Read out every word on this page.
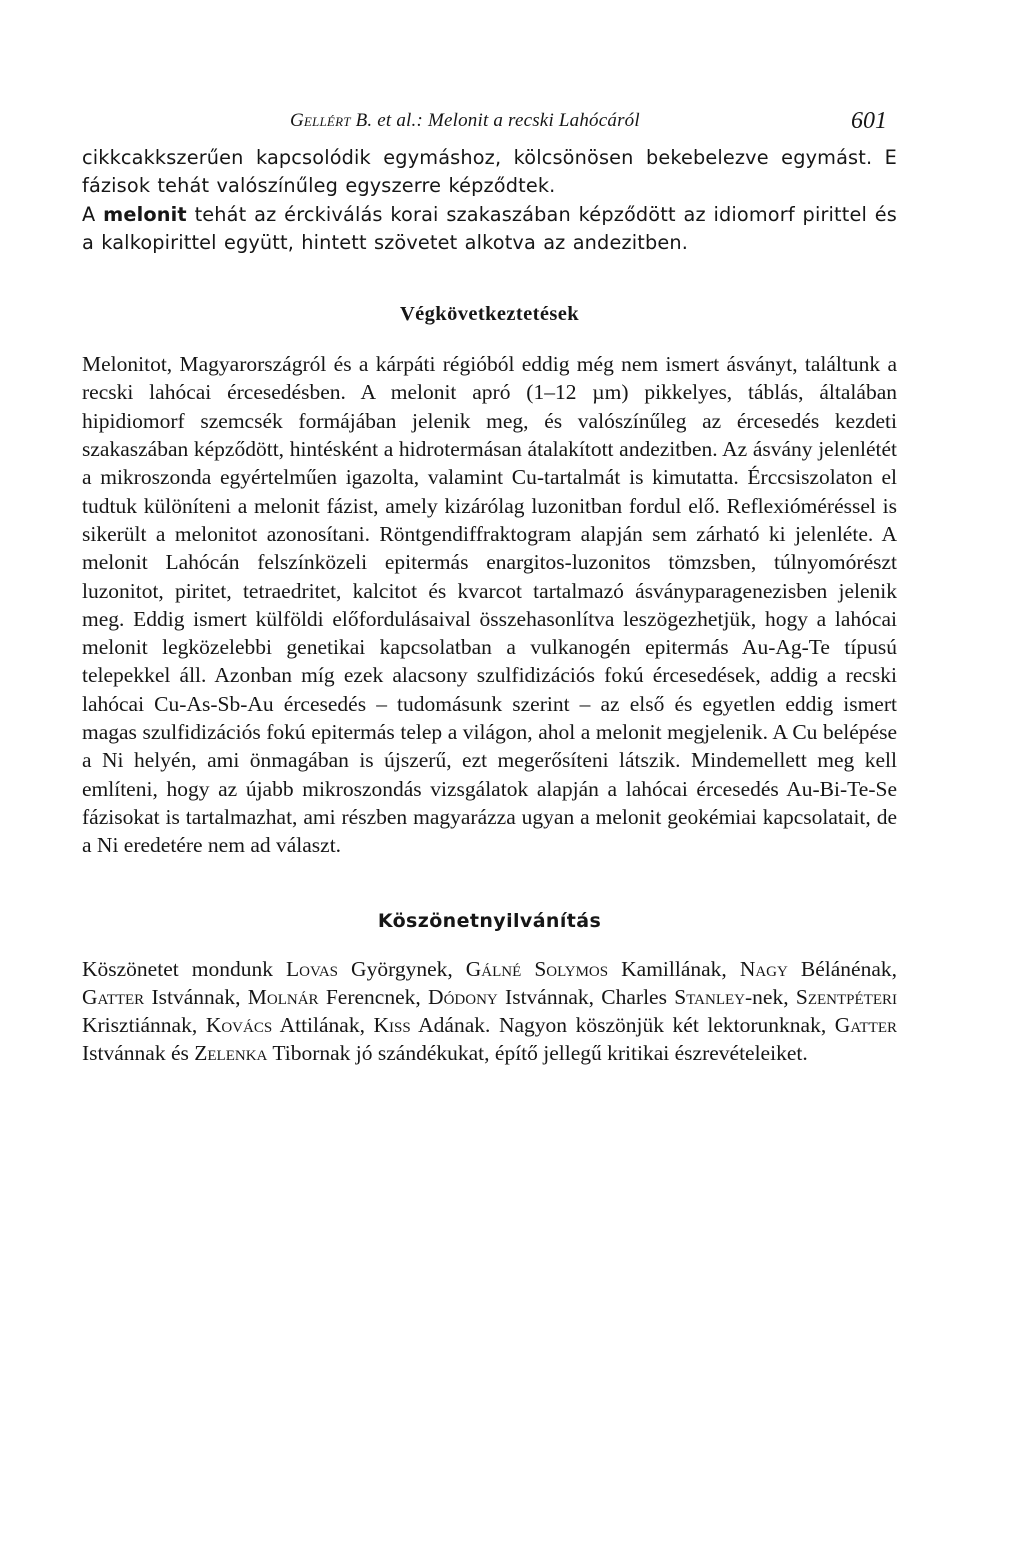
Gellért B. et al.: Melonit a recski Lahócáról	601

cikkcakkszerűen kapcsolódik egymáshoz, kölcsönösen bekebelezve egymást. E fázisok tehát valószínűleg egyszerre képződtek.

A melonit tehát az érckiválás korai szakaszában képződött az idiomorf pirittel és a kalkopirittel együtt, hintett szövetet alkotva az andezitben.

Végkövetkeztetések

Melonitot, Magyarországról és a kárpáti régióból eddig még nem ismert ásványt, találtunk a recski lahócai ércesedésben. A melonit apró (1–12 µm) pikkelyes, táblás, általában hipidiomorf szemcsék formájában jelenik meg, és valószínűleg az ércesedés kezdeti szakaszában képződött, hintésként a hidrotermásan átalakított andezitben. Az ásvány jelenlétét a mikroszonda egyértelműen igazolta, valamint Cu-tartalmát is kimutatta. Érccsiszolaton el tudtuk különíteni a melonit fázist, amely kizárólag luzonitban fordul elő. Reflexióméréssel is sikerült a melonitot azonosítani. Röntgendiffraktogram alapján sem zárható ki jelenléte. A melonit Lahócán felszínközeli epitermás enargitos-luzonitos tömzsben, túlnyomórészt luzonitot, piritet, tetraedritet, kalcitot és kvarcot tartalmazó ásványparagenezisben jelenik meg. Eddig ismert külföldi előfordulásaival összehasonlítva leszögezhetjük, hogy a lahócai melonit legközelebbi genetikai kapcsolatban a vulkanogén epitermás Au-Ag-Te típusú telepekkel áll. Azonban míg ezek alacsony szulfidizációs fokú ércesedések, addig a recski lahócai Cu-As-Sb-Au ércesedés – tudomásunk szerint – az első és egyetlen eddig ismert magas szulfidizációs fokú epitermás telep a világon, ahol a melonit megjelenik. A Cu belépése a Ni helyén, ami önmagában is újszerű, ezt megerősíteni látszik. Mindemellett meg kell említeni, hogy az újabb mikroszondás vizsgálatok alapján a lahócai ércesedés Au-Bi-Te-Se fázisokat is tartalmazhat, ami részben magyarázza ugyan a melonit geokémiai kapcsolatait, de a Ni eredetére nem ad választ.

Köszönetnyilvánítás

Köszönetet mondunk Lovas Györgynek, Gálné Solymos Kamillának, Nagy Bélánénak, Gatter Istvánnak, Molnár Ferencnek, Dódony Istvánnak, Charles Stanley-nek, Szentpéteri Krisztiánnak, Kovács Attilának, Kiss Adának. Nagyon köszönjük két lektorunknak, Gatter Istvánnak és Zelenka Tibornak jó szándékukat, építő jellegű kritikai észrevételeiket.
